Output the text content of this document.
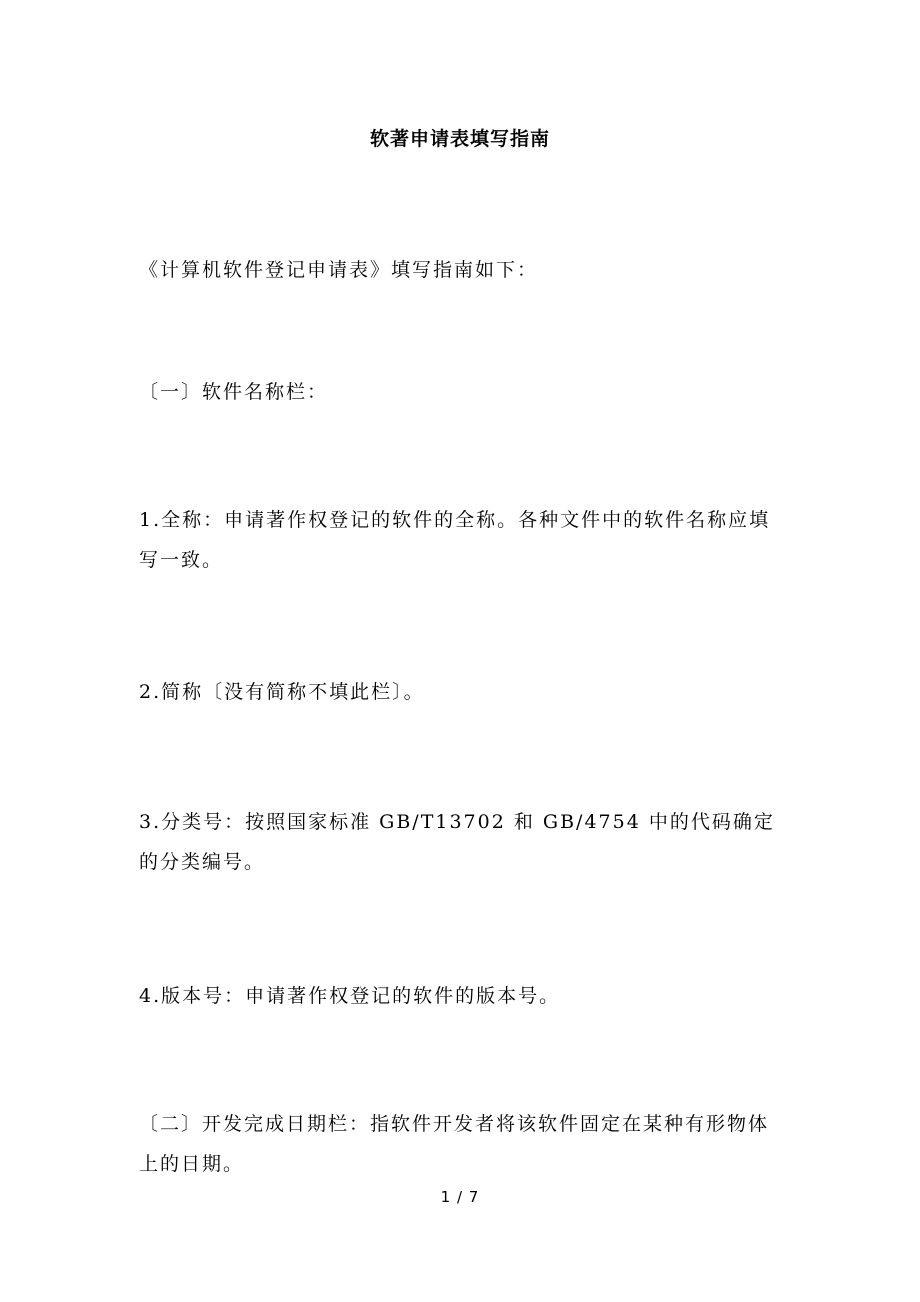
软著申请表填写指南

《计算机软件登记申请表》填写指南如下：

〔一〕软件名称栏：

1.全称：申请著作权登记的软件的全称。各种文件中的软件名称应填写一致。

2.简称〔没有简称不填此栏〕。

3.分类号：按照国家标准 GB/T13702 和 GB/4754 中的代码确定的分类编号。

4.版本号：申请著作权登记的软件的版本号。

〔二〕开发完成日期栏：指软件开发者将该软件固定在某种有形物体上的日期。

1 / 7
